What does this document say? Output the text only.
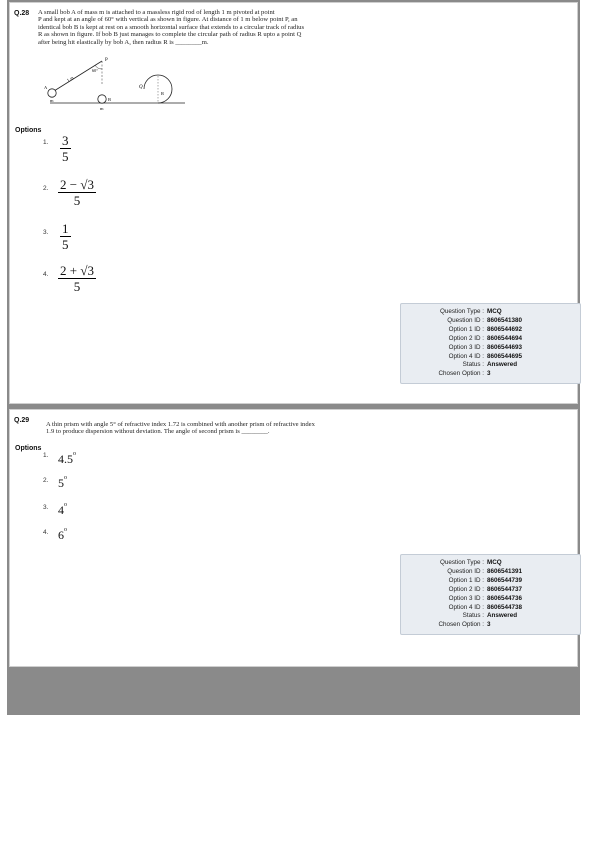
Q.28 A small bob A of mass m is attached to a massless rigid rod of length 1 m pivoted at point
P and kept at an angle of 60° with vertical as shown in figure. At distance of 1 m below point P, an
identical bob B is kept at rest on a smooth horizontal surface that extends to a circular track of radius
R as shown in figure. If bob B just manages to complete the circular path of radius R upto a point Q
after being hit elastically by bob A, then radius R is ________m.
P
1 m
60°
A
m	B
m
Q
R
Options
1. 3
5
2. 2 − √3
5
3. 1
5
4. 2 + √3
5
Question Type : MCQ
Question ID : 8606541380
Option 1 ID : 8606544692
Option 2 ID : 8606544694
Option 3 ID : 8606544693
Option 4 ID : 8606544695
Status : Answered
Chosen Option : 3
Q.29
A thin prism with angle 5° of refractive index 1.72 is combined with another prism of refractive index
1.9 to produce dispersion without deviation. The angle of second prism is ________.
Options
1. 4.5$^o$
2. 5$^o$
3. 4$^o$
4. 6$^o$
Question Type : MCQ
Question ID : 8606541391
Option 1 ID : 8606544739
Option 2 ID : 8606544737
Option 3 ID : 8606544736
Option 4 ID : 8606544738
Status : Answered
Chosen Option : 3
